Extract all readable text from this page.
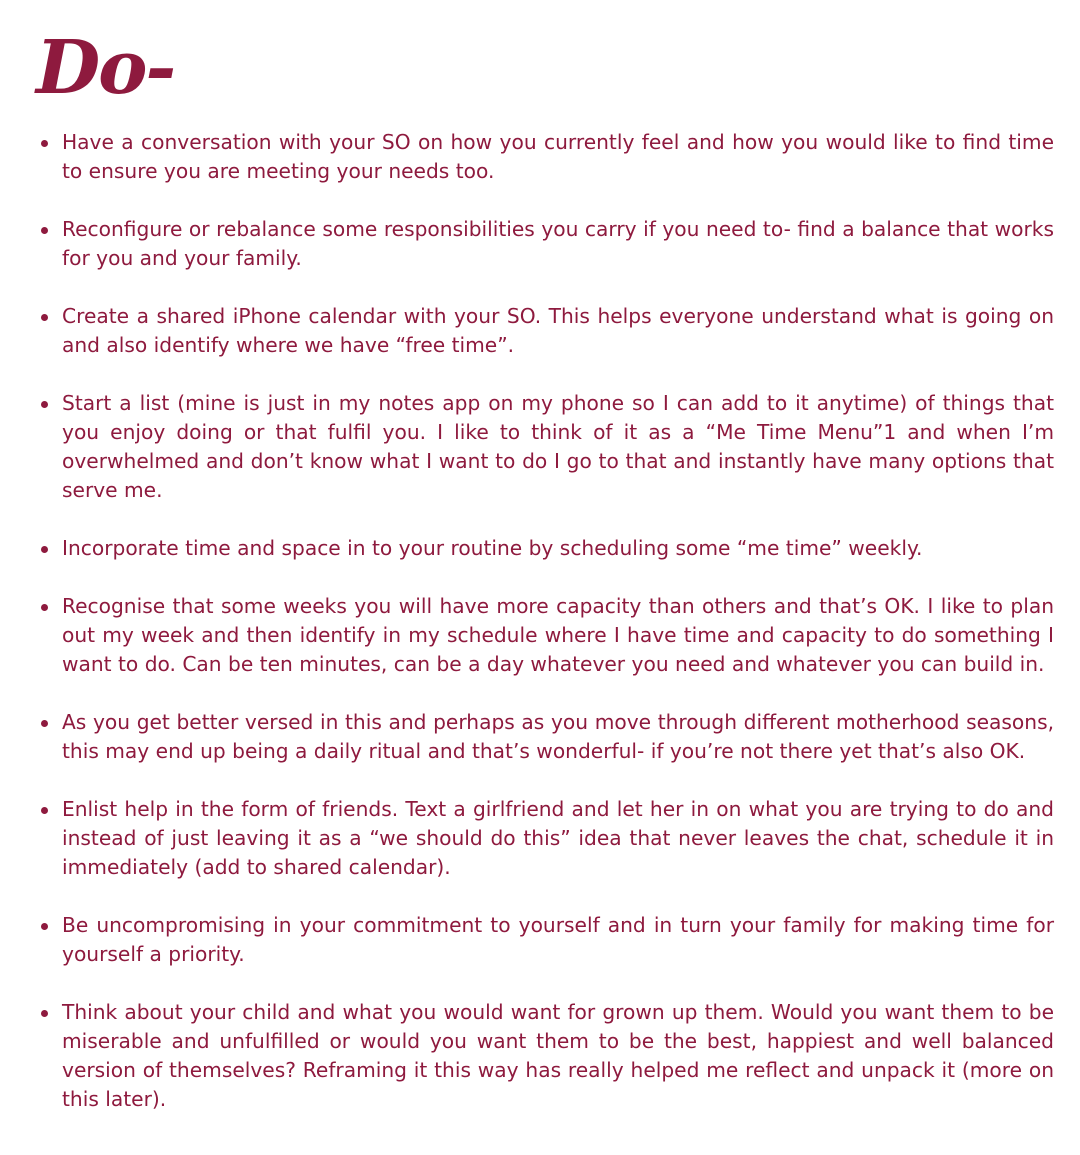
Do-
Have a conversation with your SO on how you currently feel and how you would like to find time to ensure you are meeting your needs too.
Reconfigure or rebalance some responsibilities you carry if you need to- find a balance that works for you and your family.
Create a shared iPhone calendar with your SO. This helps everyone understand what is going on and also identify where we have “free time”.
Start a list (mine is just in my notes app on my phone so I can add to it anytime) of things that you enjoy doing or that fulfil you. I like to think of it as a “Me Time Menu”1 and when I’m overwhelmed and don’t know what I want to do I go to that and instantly have many options that serve me.
Incorporate time and space in to your routine by scheduling some “me time” weekly.
Recognise that some weeks you will have more capacity than others and that’s OK. I like to plan out my week and then identify in my schedule where I have time and capacity to do something I want to do. Can be ten minutes, can be a day whatever you need and whatever you can build in.
As you get better versed in this and perhaps as you move through different motherhood seasons, this may end up being a daily ritual and that’s wonderful- if you’re not there yet that’s also OK.
Enlist help in the form of friends. Text a girlfriend and let her in on what you are trying to do and instead of just leaving it as a “we should do this” idea that never leaves the chat, schedule it in immediately (add to shared calendar).
Be uncompromising in your commitment to yourself and in turn your family for making time for yourself a priority.
Think about your child and what you would want for grown up them. Would you want them to be miserable and unfulfilled or would you want them to be the best, happiest and well balanced version of themselves? Reframing it this way has really helped me reflect and unpack it (more on this later).
